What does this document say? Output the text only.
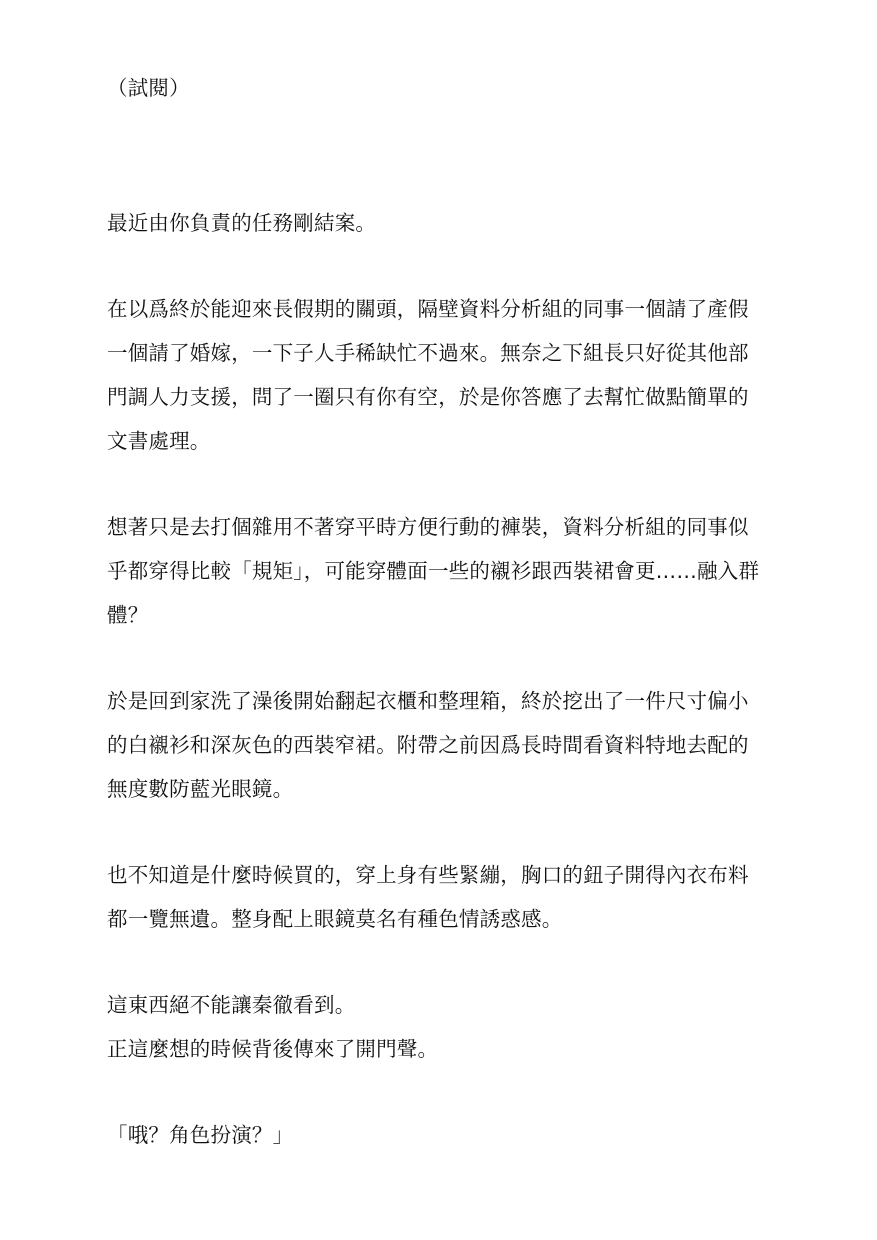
（試閱）
最近由你負責的任務剛結案。
在以爲終於能迎來長假期的關頭，隔壁資料分析組的同事一個請了產假
一個請了婚嫁，一下子人手稀缺忙不過來。無奈之下組長只好從其他部
門調人力支援，問了一圈只有你有空，於是你答應了去幫忙做點簡單的
文書處理。
想著只是去打個雜用不著穿平時方便行動的褲裝，資料分析組的同事似
乎都穿得比較「規矩」，可能穿體面一些的襯衫跟西裝裙會更……融入群
體？
於是回到家洗了澡後開始翻起衣櫃和整理箱，終於挖出了一件尺寸偏小
的白襯衫和深灰色的西裝窄裙。附帶之前因爲長時間看資料特地去配的
無度數防藍光眼鏡。
也不知道是什麼時候買的，穿上身有些緊繃，胸口的鈕子開得內衣布料
都一覽無遺。整身配上眼鏡莫名有種色情誘惑感。
這東西絕不能讓秦徹看到。
正這麼想的時候背後傳來了開門聲。
「哦？角色扮演？」
